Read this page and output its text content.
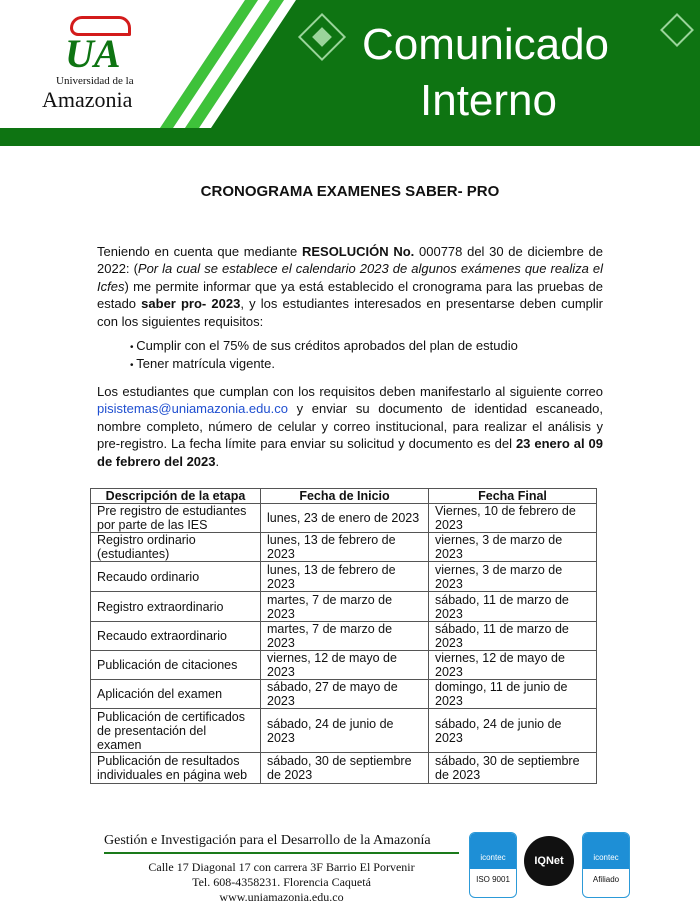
UA
Universidad de la
Amazonia
Comunicado
Interno
CRONOGRAMA EXAMENES SABER- PRO
Teniendo en cuenta que mediante RESOLUCIÓN No. 000778 del 30 de diciembre de 2022: (Por la cual se establece el calendario 2023 de algunos exámenes que realiza el Icfes) me permite informar que ya está establecido el cronograma para las pruebas de estado saber pro- 2023, y los estudiantes interesados en presentarse deben cumplir con los siguientes requisitos:
• Cumplir con el 75% de sus créditos aprobados del plan de estudio
• Tener matrícula vigente.
Los estudiantes que cumplan con los requisitos deben manifestarlo al siguiente correo pisistemas@uniamazonia.edu.co y enviar su documento de identidad escaneado, nombre completo, número de celular y correo institucional, para realizar el análisis y pre-registro. La fecha límite para enviar su solicitud y documento es del 23 enero al 09 de febrero del 2023.
Descripción de la etapa	Fecha de Inicio	Fecha Final
Pre registro de estudiantes por parte de las IES	lunes, 23 de enero de 2023	Viernes, 10 de febrero de 2023
Registro ordinario (estudiantes)	lunes, 13 de febrero de 2023	viernes, 3 de marzo de 2023
Recaudo ordinario	lunes, 13 de febrero de 2023	viernes, 3 de marzo de 2023
Registro extraordinario	martes, 7 de marzo de 2023	sábado, 11 de marzo de 2023
Recaudo extraordinario	martes, 7 de marzo de 2023	sábado, 11 de marzo de 2023
Publicación de citaciones	viernes, 12 de mayo de 2023	viernes, 12 de mayo de 2023
Aplicación del examen	sábado, 27 de mayo de 2023	domingo, 11 de junio de 2023
Publicación de certificados de presentación del examen	sábado, 24 de junio de 2023	sábado, 24 de junio de 2023
Publicación de resultados individuales en página web	sábado, 30 de septiembre de 2023	sábado, 30 de septiembre de 2023
Gestión e Investigación para el Desarrollo de la Amazonía
Calle 17 Diagonal 17 con carrera 3F Barrio El Porvenir
Tel. 608-4358231. Florencia Caquetá
www.uniamazonia.edu.co
icontec
ISO 9001
IQNet	icontec
Afiliado
